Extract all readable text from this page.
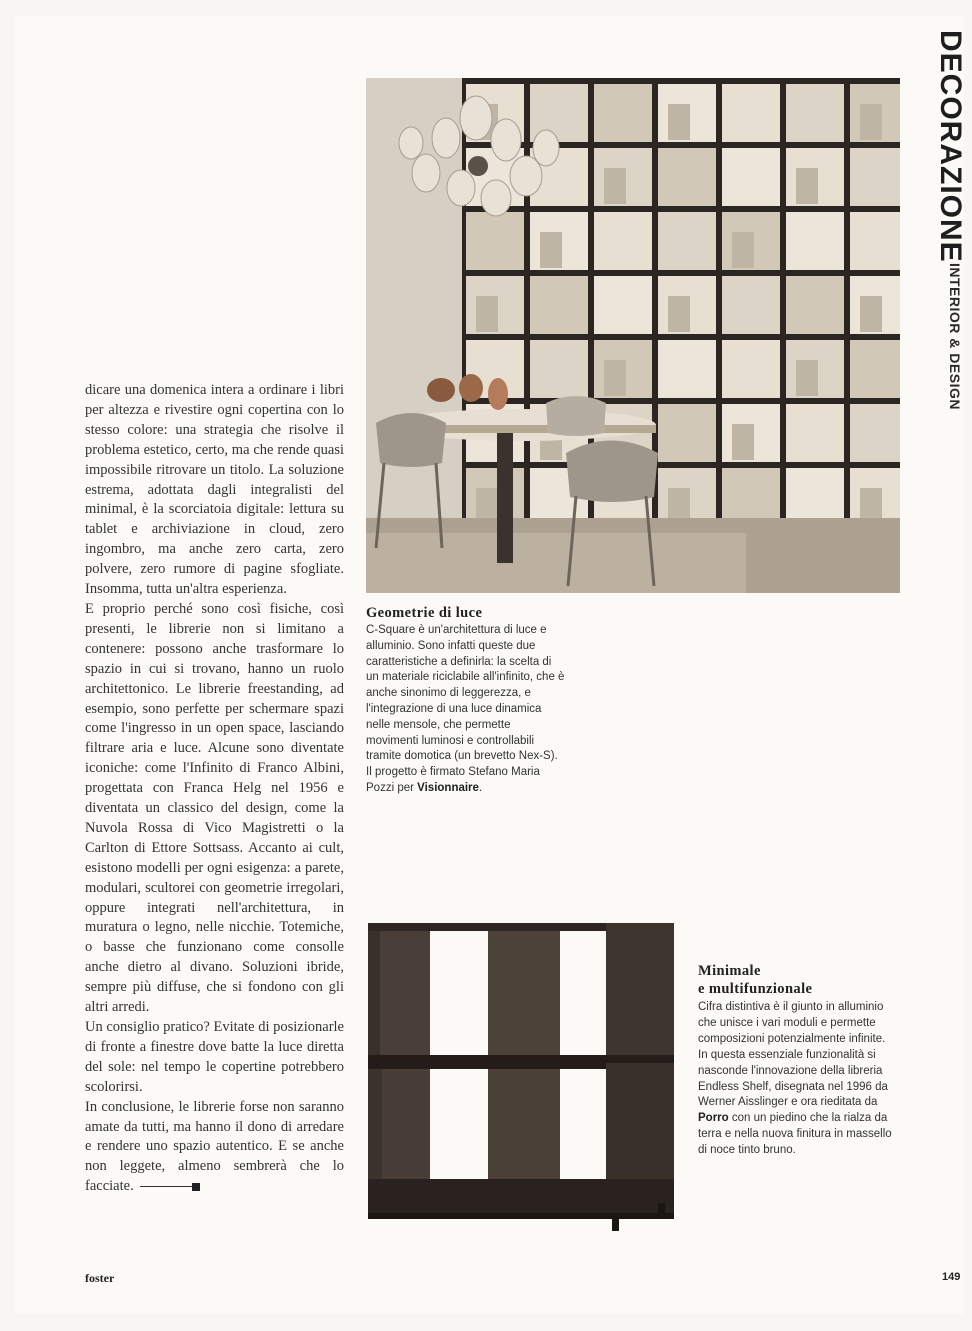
DECORAZIONE
INTERIOR & DESIGN
Geometrie di luce
C-Square è un'architettura di luce e alluminio. Sono infatti queste due caratteristiche a definirla: la scelta di un materiale riciclabile all'infinito, che è anche sinonimo di leggerezza, e l'integrazione di una luce dinamica nelle mensole, che permette movimenti luminosi e controllabili tramite domotica (un brevetto Nex-S). Il progetto è firmato Stefano Maria Pozzi per Visionnaire.

dicare una domenica intera a ordinare i libri per altezza e rivestire ogni copertina con lo stesso colore: una strategia che risolve il problema estetico, certo, ma che rende quasi impossibile ritrovare un titolo. La soluzione estrema, adottata dagli integralisti del minimal, è la scorciatoia digitale: lettura su tablet e archiviazione in cloud, zero ingombro, ma anche zero carta, zero polvere, zero rumore di pagine sfogliate. Insomma, tutta un'altra esperienza.

E proprio perché sono così fisiche, così presenti, le librerie non si limitano a contenere: possono anche trasformare lo spazio in cui si trovano, hanno un ruolo architettonico. Le librerie freestanding, ad esempio, sono perfette per schermare spazi come l'ingresso in un open space, lasciando filtrare aria e luce. Alcune sono diventate iconiche: come l'Infinito di Franco Albini, progettata con Franca Helg nel 1956 e diventata un classico del design, come la Nuvola Rossa di Vico Magistretti o la Carlton di Ettore Sottsass. Accanto ai cult, esistono modelli per ogni esigenza: a parete, modulari, scultorei con geometrie irregolari, oppure integrati nell'architettura, in muratura o legno, nelle nicchie. Totemiche, o basse che funzionano come consolle anche dietro al divano. Soluzioni ibride, sempre più diffuse, che si fondono con gli altri arredi.

Un consiglio pratico? Evitate di posizionarle di fronte a finestre dove batte la luce diretta del sole: nel tempo le copertine potrebbero scolorirsi.

In conclusione, le librerie forse non saranno amate da tutti, ma hanno il dono di arredare e rendere uno spazio autentico. E se anche non leggete, almeno sembrerà che lo facciate.

Minimale
e multifunzionale
Cifra distintiva è il giunto in alluminio che unisce i vari moduli e permette composizioni potenzialmente infinite. In questa essenziale funzionalità si nasconde l'innovazione della libreria Endless Shelf, disegnata nel 1996 da Werner Aisslinger e ora rieditata da Porro con un piedino che la rialza da terra e nella nuova finitura in massello di noce tinto bruno.
foster	149
